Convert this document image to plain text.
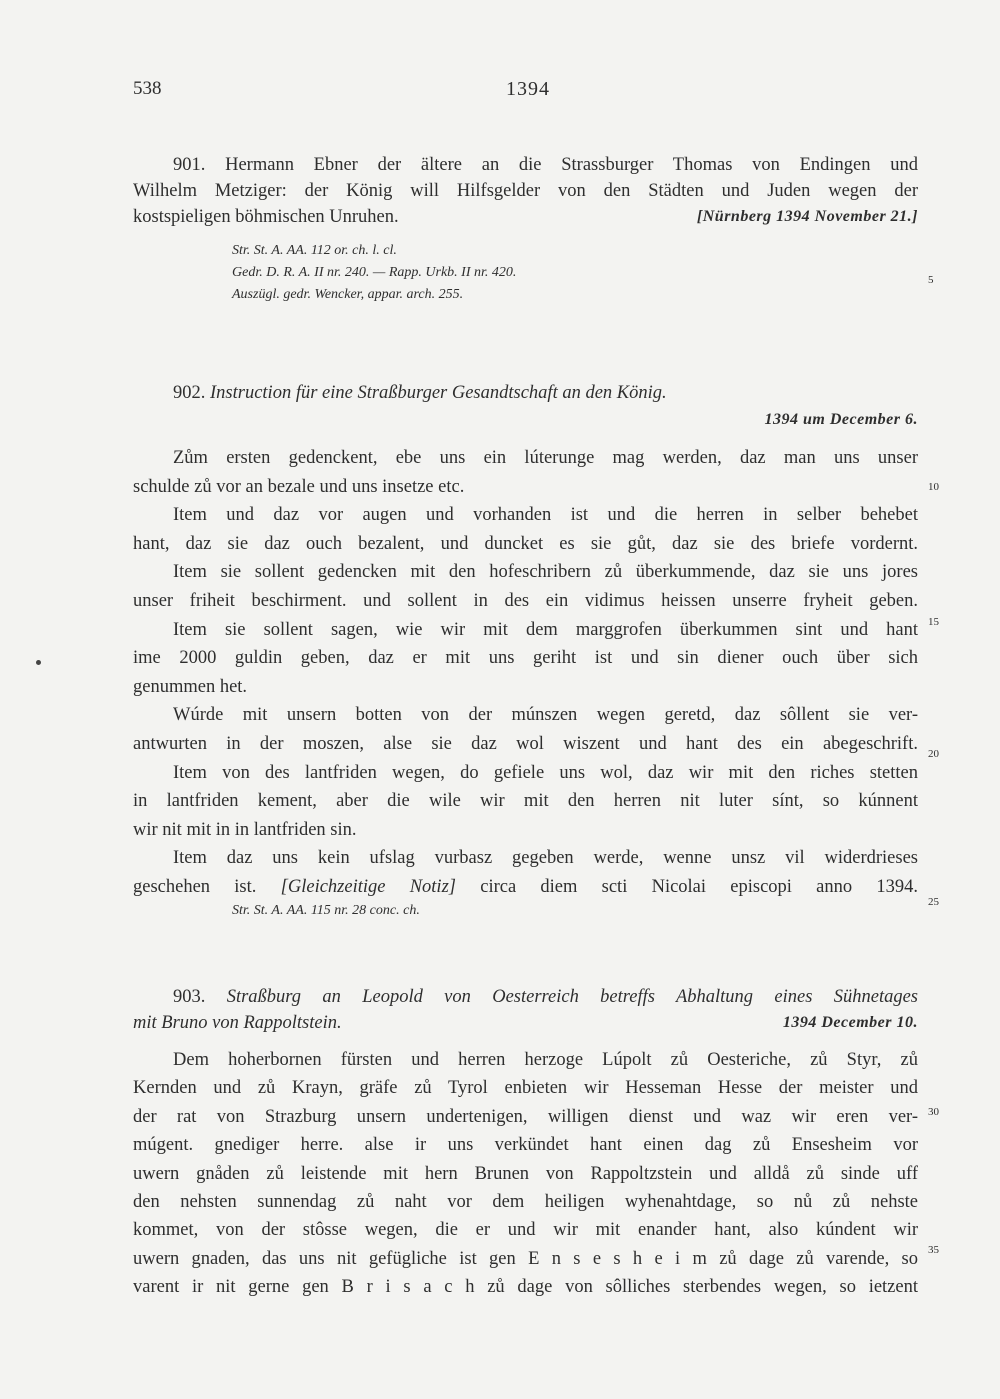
538	1394
901. Hermann Ebner der ältere an die Strassburger Thomas von Endingen und
Wilhelm Metziger: der König will Hilfsgelder von den Städten und Juden wegen der
kostspieligen böhmischen Unruhen.	[Nürnberg 1394 November 21.]
Str. St. A. AA. 112 or. ch. l. cl.
Gedr. D. R. A. II nr. 240. — Rapp. Urkb. II nr. 420.
Auszügl. gedr. Wencker, appar. arch. 255.
902. Instruction für eine Straßburger Gesandtschaft an den König.
1394 um December 6.
Zům ersten gedenckent, ebe uns ein lúterunge mag werden, daz man uns unser
schulde zů vor an bezale und uns insetze etc.
Item und daz vor augen und vorhanden ist und die herren in selber behebet
hant, daz sie daz ouch bezalent, und duncket es sie gůt, daz sie des briefe vordernt.
Item sie sollent gedencken mit den hofeschribern zů überkummende, daz sie uns jores
unser friheit beschirment. und sollent in des ein vidimus heissen unserre fryheit geben.
Item sie sollent sagen, wie wir mit dem marggrofen überkummen sint und hant
ime 2000 guldin geben, daz er mit uns geriht ist und sin diener ouch über sich
genummen het.
Wúrde mit unsern botten von der múnszen wegen geretd, daz sôllent sie ver-
antwurten in der moszen, alse sie daz wol wiszent und hant des ein abegeschrift.
Item von des lantfriden wegen, do gefiele uns wol, daz wir mit den riches stetten
in lantfriden kement, aber die wile wir mit den herren nit luter sínt, so kúnnent
wir nit mit in in lantfriden sin.
Item daz uns kein ufslag vurbasz gegeben werde, wenne unsz vil widerdrieses
geschehen ist. [Gleichzeitige Notiz] circa diem scti Nicolai episcopi anno 1394.
Str. St. A. AA. 115 nr. 28 conc. ch.
903. Straßburg an Leopold von Oesterreich betreffs Abhaltung eines Sühnetages
mit Bruno von Rappoltstein.	1394 December 10.
Dem hoherbornen fürsten und herren herzoge Lúpolt zů Oesteriche, zů Styr, zů
Kernden und zů Krayn, gräfe zů Tyrol enbieten wir Hesseman Hesse der meister und
der rat von Strazburg unsern undertenigen, willigen dienst und waz wir eren ver-
múgent. gnediger herre. alse ir uns verkündet hant einen dag zů Ensesheim vor
uwern gnåden zů leistende mit hern Brunen von Rappoltzstein und alldå zů sinde uff
den nehsten sunnendag zů naht vor dem heiligen wyhenahtdage, so nů zů nehste
kommet, von der stôsse wegen, die er und wir mit enander hant, also kúndent wir
uwern gnaden, das uns nit gefügliche ist gen E n s e s h e i m zů dage zů varende, so
varent ir nit gerne gen B r i s a c h zů dage von sôlliches sterbendes wegen, so ietzent
5
10
15
20
25
30
35
